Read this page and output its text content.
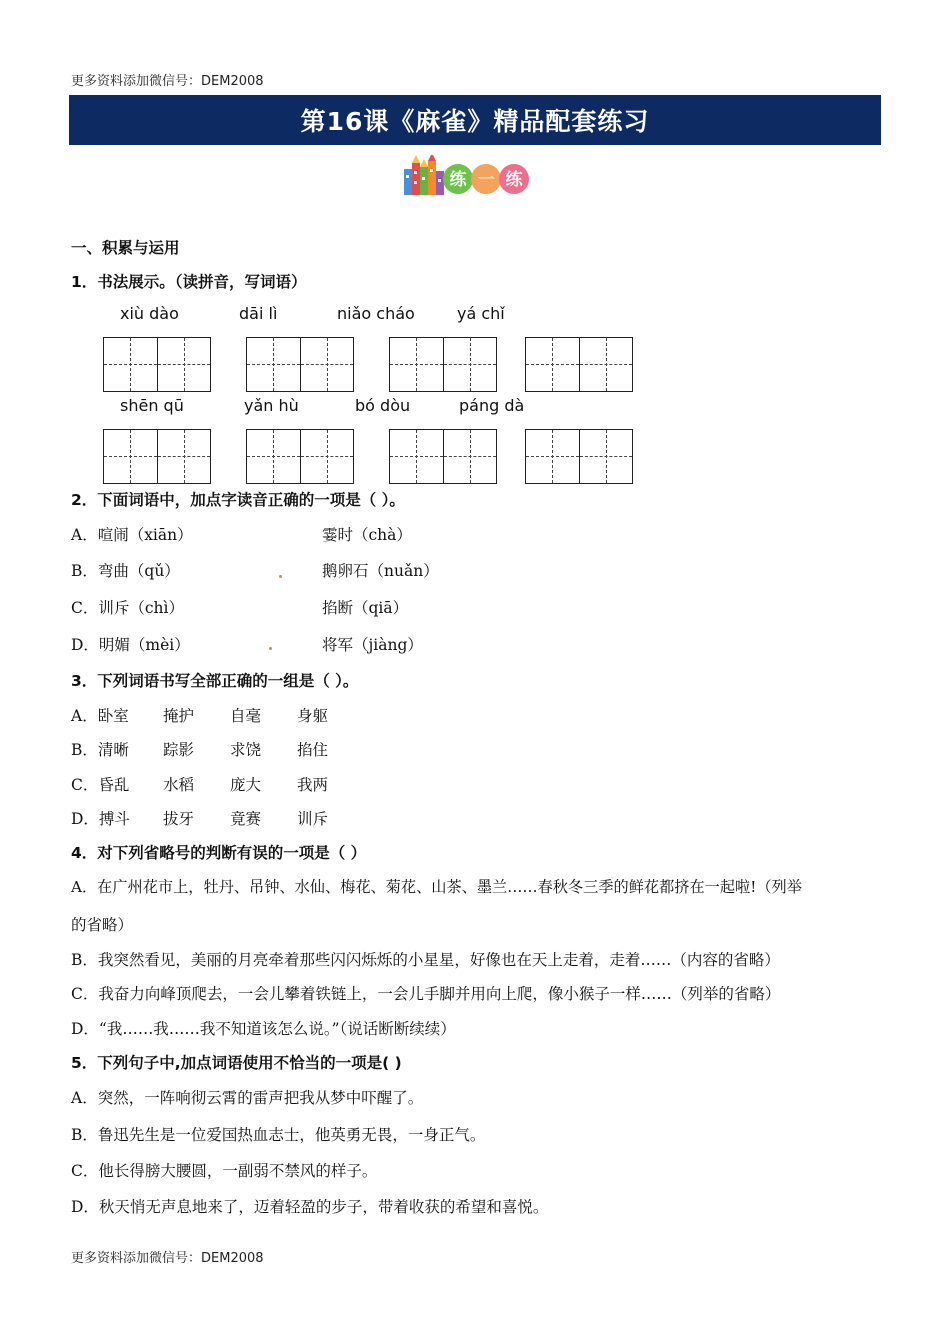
更多资料添加微信号：DEM2008
第16课《麻雀》精品配套练习
练 一 练
一、积累与运用
1．书法展示。（读拼音，写词语）
xiù dào	dāi lì	niǎo cháo	yá chǐ
shēn qū	yǎn hù	bó dòu	páng dà
2．下面词语中，加点字读音正确的一项是（ ）。
A．喧闹（xiān）	霎时（chà）
B．弯曲（qǔ）	鹅卵石（nuǎn）
C．训斥（chì）	掐断（qiā）
D．明媚（mèi）	将军（jiàng）
3．下列词语书写全部正确的一组是（ ）。
A．卧室 掩护 自毫 身躯
B．清晰 踪影 求饶 掐住
C．昏乱 水稻 庞大 我两
D．搏斗 拔牙 竟赛 训斥
4．对下列省略号的判断有误的一项是（ ）
A．在广州花市上，牡丹、吊钟、水仙、梅花、菊花、山茶、墨兰……春秋冬三季的鲜花都挤在一起啦!（列举
的省略）
B．我突然看见，美丽的月亮牵着那些闪闪烁烁的小星星，好像也在天上走着，走着……（内容的省略）
C．我奋力向峰顶爬去，一会儿攀着铁链上，一会儿手脚并用向上爬，像小猴子一样……（列举的省略）
D．“我……我……我不知道该怎么说。”（说话断断续续）
5．下列句子中,加点词语使用不恰当的一项是( )
A．突然，一阵响彻云霄的雷声把我从梦中吓醒了。
B．鲁迅先生是一位爱国热血志士，他英勇无畏，一身正气。
C．他长得膀大腰圆，一副弱不禁风的样子。
D．秋天悄无声息地来了，迈着轻盈的步子，带着收获的希望和喜悦。
更多资料添加微信号：DEM2008
